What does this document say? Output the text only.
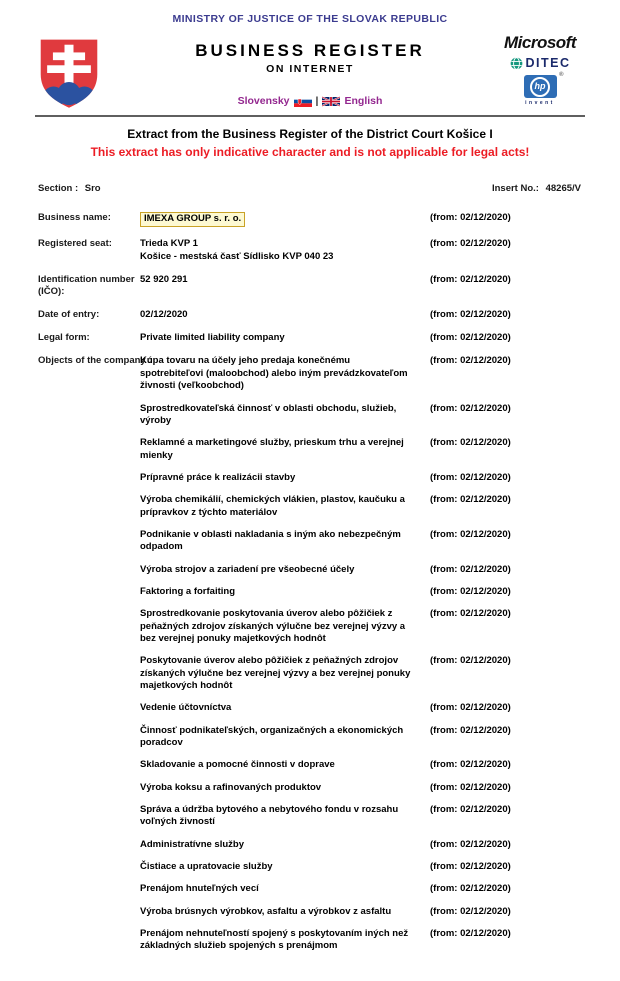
MINISTRY OF JUSTICE OF THE SLOVAK REPUBLIC
BUSINESS REGISTER
ON INTERNET
Microsoft
DITEC
hp
®
invent
Slovensky | English
Extract from the Business Register of the District Court Košice I
This extract has only indicative character and is not applicable for legal acts!
Section : Sro	Insert No.: 48265/V
Business name:	IMEXA GROUP s. r. o.	(from: 02/12/2020)
Registered seat:	Trieda KVP 1
Košice - mestská časť Sídlisko KVP 040 23
(from: 02/12/2020)
Identification number (IČO):
52 920 291	(from: 02/12/2020)
Date of entry:	02/12/2020	(from: 02/12/2020)
Legal form:	Private limited liability company	(from: 02/12/2020)
Objects of the company :
Kúpa tovaru na účely jeho predaja konečnému spotrebiteľovi (maloobchod) alebo iným prevádzkovateľom živnosti (veľkoobchod)
(from: 02/12/2020)
Sprostredkovateľská činnosť v oblasti obchodu, služieb, výroby
(from: 02/12/2020)
Reklamné a marketingové služby, prieskum trhu a verejnej mienky
(from: 02/12/2020)
Prípravné práce k realizácii stavby	(from: 02/12/2020)
Výroba chemikálií, chemických vlákien, plastov, kaučuku a prípravkov z týchto materiálov
(from: 02/12/2020)
Podnikanie v oblasti nakladania s iným ako nebezpečným odpadom
(from: 02/12/2020)
Výroba strojov a zariadení pre všeobecné účely	(from: 02/12/2020)
Faktoring a forfaiting	(from: 02/12/2020)
Sprostredkovanie poskytovania úverov alebo pôžičiek z peňažných zdrojov získaných výlučne bez verejnej výzvy a bez verejnej ponuky majetkových hodnôt
(from: 02/12/2020)
Poskytovanie úverov alebo pôžičiek z peňažných zdrojov získaných výlučne bez verejnej výzvy a bez verejnej ponuky majetkových hodnôt
(from: 02/12/2020)
Vedenie účtovníctva	(from: 02/12/2020)
Činnosť podnikateľských, organizačných a ekonomických poradcov
(from: 02/12/2020)
Skladovanie a pomocné činnosti v doprave	(from: 02/12/2020)
Výroba koksu a rafinovaných produktov	(from: 02/12/2020)
Správa a údržba bytového a nebytového fondu v rozsahu voľných živností
(from: 02/12/2020)
Administratívne služby	(from: 02/12/2020)
Čistiace a upratovacie služby	(from: 02/12/2020)
Prenájom hnuteľných vecí	(from: 02/12/2020)
Výroba brúsnych výrobkov, asfaltu a výrobkov z asfaltu	(from: 02/12/2020)
Prenájom nehnuteľností spojený s poskytovaním iných než základných služieb spojených s prenájmom
(from: 02/12/2020)
